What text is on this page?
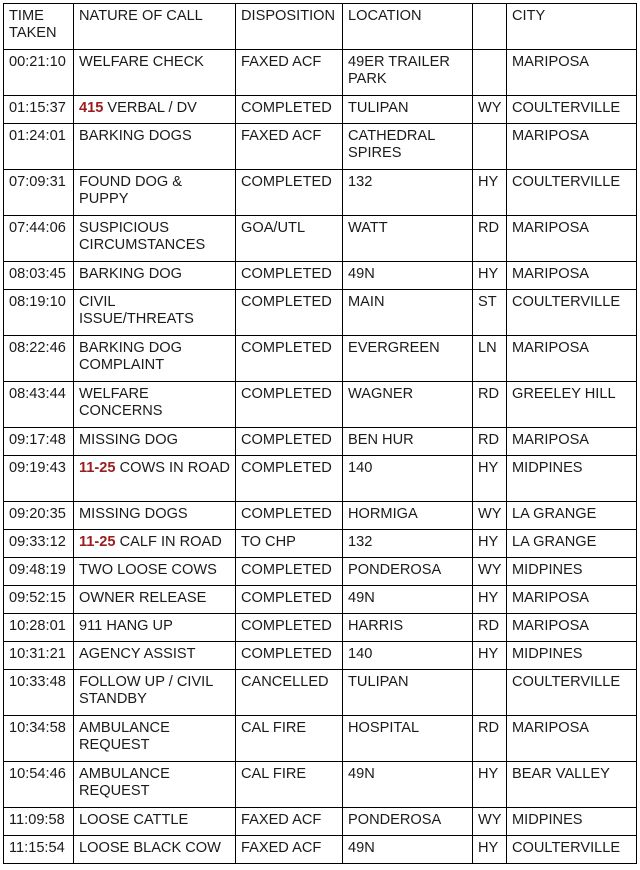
TIME TAKEN	NATURE OF CALL	DISPOSITION	LOCATION		CITY
00:21:10	WELFARE CHECK	FAXED ACF	49ER TRAILER PARK		MARIPOSA
01:15:37	415 VERBAL / DV	COMPLETED	TULIPAN	WY	COULTERVILLE
01:24:01	BARKING DOGS	FAXED ACF	CATHEDRAL SPIRES		MARIPOSA
07:09:31	FOUND DOG & PUPPY	COMPLETED	132	HY	COULTERVILLE
07:44:06	SUSPICIOUS CIRCUMSTANCES	GOA/UTL	WATT	RD	MARIPOSA
08:03:45	BARKING DOG	COMPLETED	49N	HY	MARIPOSA
08:19:10	CIVIL ISSUE/THREATS	COMPLETED	MAIN	ST	COULTERVILLE
08:22:46	BARKING DOG COMPLAINT	COMPLETED	EVERGREEN	LN	MARIPOSA
08:43:44	WELFARE CONCERNS	COMPLETED	WAGNER	RD	GREELEY HILL
09:17:48	MISSING DOG	COMPLETED	BEN HUR	RD	MARIPOSA
09:19:43	11-25 COWS IN ROAD	COMPLETED	140	HY	MIDPINES
09:20:35	MISSING DOGS	COMPLETED	HORMIGA	WY	LA GRANGE
09:33:12	11-25 CALF IN ROAD	TO CHP	132	HY	LA GRANGE
09:48:19	TWO LOOSE COWS	COMPLETED	PONDEROSA	WY	MIDPINES
09:52:15	OWNER RELEASE	COMPLETED	49N	HY	MARIPOSA
10:28:01	911 HANG UP	COMPLETED	HARRIS	RD	MARIPOSA
10:31:21	AGENCY ASSIST	COMPLETED	140	HY	MIDPINES
10:33:48	FOLLOW UP / CIVIL STANDBY	CANCELLED	TULIPAN		COULTERVILLE
10:34:58	AMBULANCE REQUEST	CAL FIRE	HOSPITAL	RD	MARIPOSA
10:54:46	AMBULANCE REQUEST	CAL FIRE	49N	HY	BEAR VALLEY
11:09:58	LOOSE CATTLE	FAXED ACF	PONDEROSA	WY	MIDPINES
11:15:54	LOOSE BLACK COW	FAXED ACF	49N	HY	COULTERVILLE
